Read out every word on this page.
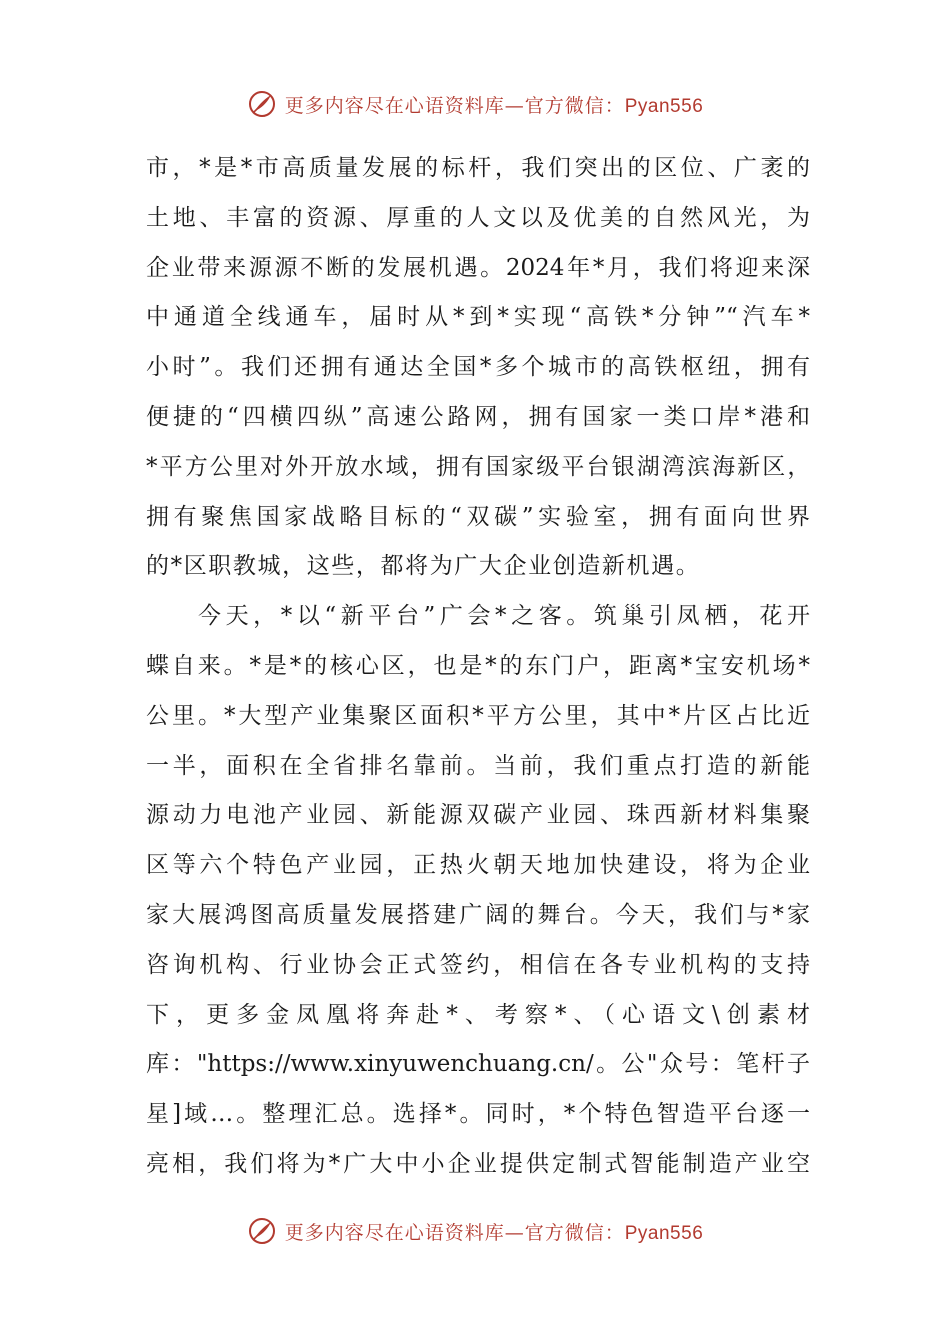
更多内容尽在心语资料库—官方微信：Pyan556
市，*是*市高质量发展的标杆，我们突出的区位、广袤的
土地、丰富的资源、厚重的人文以及优美的自然风光，为
企业带来源源不断的发展机遇。2024年*月，我们将迎来深
中通道全线通车，届时从*到*实现“高铁*分钟”“汽车*
小时”。我们还拥有通达全国*多个城市的高铁枢纽，拥有
便捷的“四横四纵”高速公路网，拥有国家一类口岸*港和
*平方公里对外开放水域，拥有国家级平台银湖湾滨海新区，
拥有聚焦国家战略目标的“双碳”实验室，拥有面向世界
的*区职教城，这些，都将为广大企业创造新机遇。
今天，*以“新平台”广会*之客。筑巢引凤栖，花开
蝶自来。*是*的核心区，也是*的东门户，距离*宝安机场*
公里。*大型产业集聚区面积*平方公里，其中*片区占比近
一半，面积在全省排名靠前。当前，我们重点打造的新能
源动力电池产业园、新能源双碳产业园、珠西新材料集聚
区等六个特色产业园，正热火朝天地加快建设，将为企业
家大展鸿图高质量发展搭建广阔的舞台。今天，我们与*家
咨询机构、行业协会正式签约，相信在各专业机构的支持
下，更多金凤凰将奔赴*、考察*、（心语文\创素材
库："https://www.xinyuwenchuang.cn/。公"众号：笔杆子
星]域…。整理汇总。选择*。同时，*个特色智造平台逐一
亮相，我们将为*广大中小企业提供定制式智能制造产业空
更多内容尽在心语资料库—官方微信：Pyan556
